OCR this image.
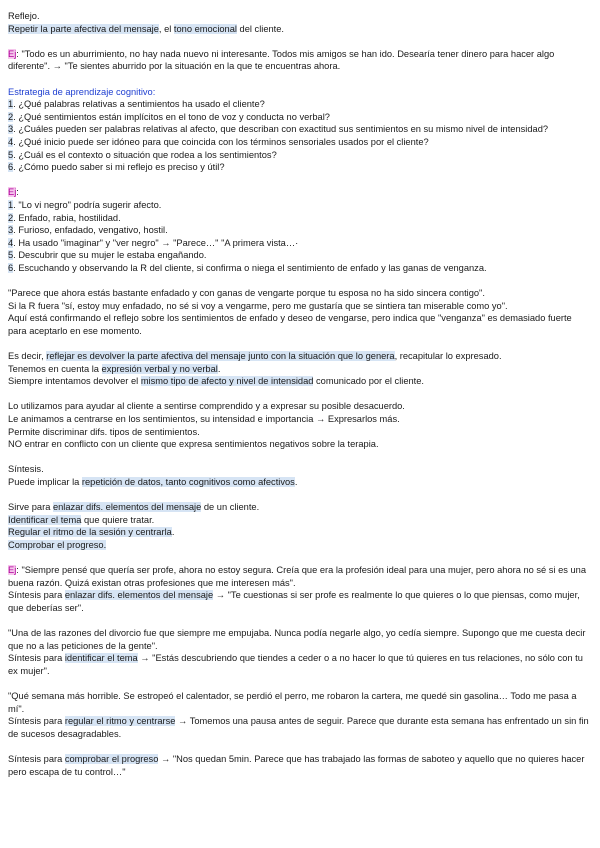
Reflejo.

Repetir la parte afectiva del mensaje, el tono emocional del cliente.

Ej: "Todo es un aburrimiento, no hay nada nuevo ni interesante. Todos mis amigos se han ido. Desearía tener dinero para hacer algo diferente". → "Te sientes aburrido por la situación en la que te encuentras ahora.

Estrategia de aprendizaje cognitivo:

1. ¿Qué palabras relativas a sentimientos ha usado el cliente?

2. ¿Qué sentimientos están implícitos en el tono de voz y conducta no verbal?

3. ¿Cuáles pueden ser palabras relativas al afecto, que describan con exactitud sus sentimientos en su mismo nivel de intensidad?

4. ¿Qué inicio puede ser idóneo para que coincida con los términos sensoriales usados por el cliente?

5. ¿Cuál es el contexto o situación que rodea a los sentimientos?

6. ¿Cómo puedo saber si mi reflejo es preciso y útil?

Ej:

1. "Lo vi negro" podría sugerir afecto.

2. Enfado, rabia, hostilidad.

3. Furioso, enfadado, vengativo, hostil.

4. Ha usado "imaginar" y "ver negro" → "Parece…" "A primera vista…·

5. Descubrir que su mujer le estaba engañando.

6. Escuchando y observando la R del cliente, si confirma o niega el sentimiento de enfado y las ganas de venganza.

"Parece que ahora estás bastante enfadado y con ganas de vengarte porque tu esposa no ha sido sincera contigo".

Si la R fuera "sí, estoy muy enfadado, no sé si voy a vengarme, pero me gustaría que se sintiera tan miserable como yo".

Aquí está confirmando el reflejo sobre los sentimientos de enfado y deseo de vengarse, pero indica que "venganza" es demasiado fuerte para aceptarlo en ese momento.

Es decir, reflejar es devolver la parte afectiva del mensaje junto con la situación que lo genera, recapitular lo expresado.

Tenemos en cuenta la expresión verbal y no verbal.

Siempre intentamos devolver el mismo tipo de afecto y nivel de intensidad comunicado por el cliente.

Lo utilizamos para ayudar al cliente a sentirse comprendido y a expresar su posible desacuerdo.

Le animamos a centrarse en los sentimientos, su intensidad e importancia → Expresarlos más.

Permite discriminar difs. tipos de sentimientos.

NO entrar en conflicto con un cliente que expresa sentimientos negativos sobre la terapia.

Síntesis.

Puede implicar la repetición de datos, tanto cognitivos como afectivos.

Sirve para enlazar difs. elementos del mensaje de un cliente.

Identificar el tema que quiere tratar.

Regular el ritmo de la sesión y centrarla.

Comprobar el progreso.

Ej: "Siempre pensé que quería ser profe, ahora no estoy segura. Creía que era la profesión ideal para una mujer, pero ahora no sé si es una buena razón. Quizá existan otras profesiones que me interesen más".

Síntesis para enlazar difs. elementos del mensaje → "Te cuestionas si ser profe es realmente lo que quieres o lo que piensas, como mujer, que deberías ser".

"Una de las razones del divorcio fue que siempre me empujaba. Nunca podía negarle algo, yo cedía siempre. Supongo que me cuesta decir que no a las peticiones de la gente".

Síntesis para identificar el tema → "Estás descubriendo que tiendes a ceder o a no hacer lo que tú quieres en tus relaciones, no sólo con tu ex mujer".

"Qué semana más horrible. Se estropeó el calentador, se perdió el perro, me robaron la cartera, me quedé sin gasolina… Todo me pasa a mí".

Síntesis para regular el ritmo y centrarse → Tomemos una pausa antes de seguir. Parece que durante esta semana has enfrentado un sin fin de sucesos desagradables.

Síntesis para comprobar el progreso → "Nos quedan 5min. Parece que has trabajado las formas de saboteo y aquello que no quieres hacer pero escapa de tu control…"
